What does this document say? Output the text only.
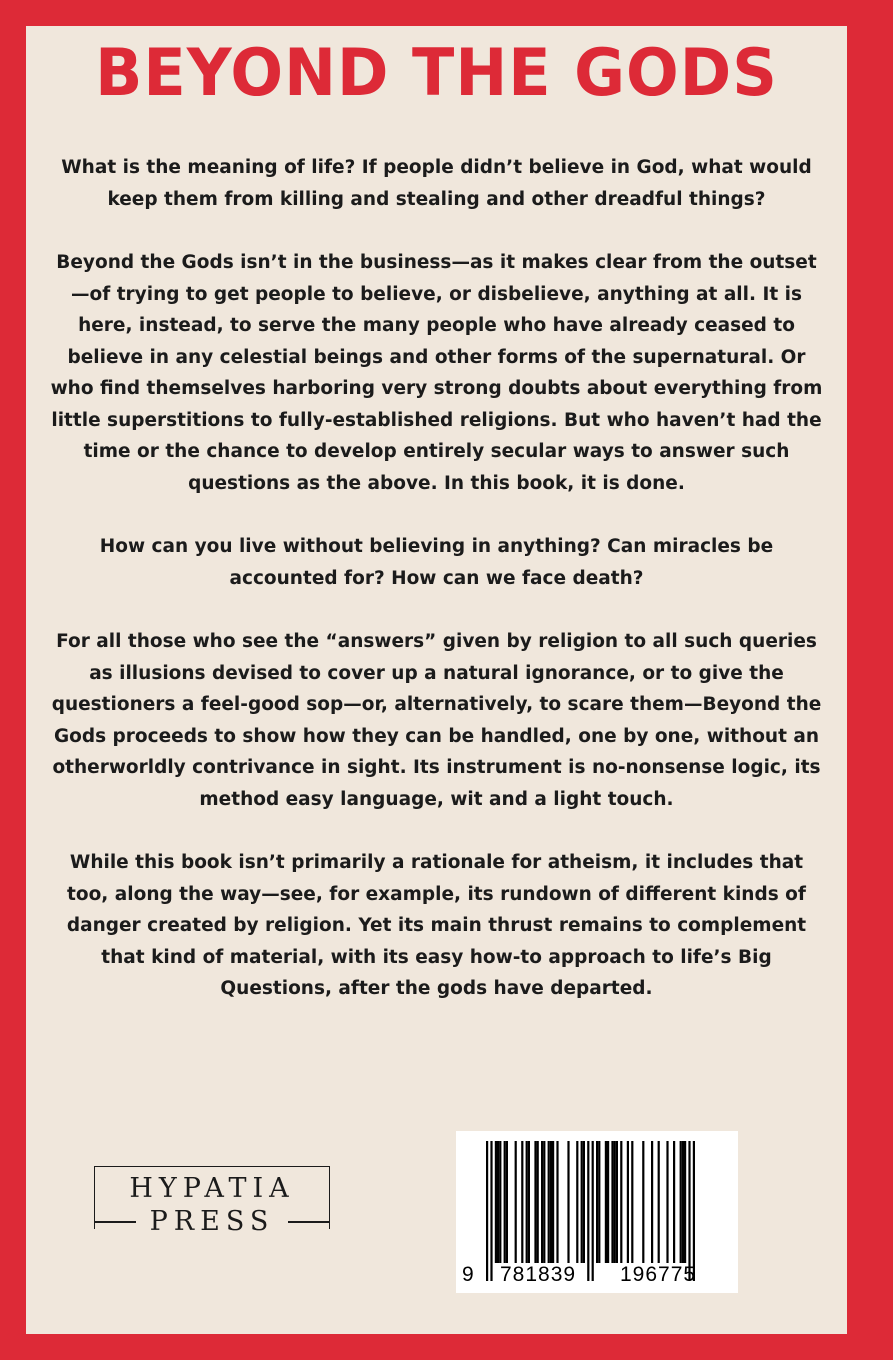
BEYOND THE GODS

What is the meaning of life? If people didn’t believe in God, what would keep them from killing and stealing and other dreadful things?

Beyond the Gods isn’t in the business—as it makes clear from the outset—of trying to get people to believe, or disbelieve, anything at all. It is here, instead, to serve the many people who have already ceased to believe in any celestial beings and other forms of the supernatural. Or who find themselves harboring very strong doubts about everything from little superstitions to fully-established religions. But who haven’t had the time or the chance to develop entirely secular ways to answer such questions as the above. In this book, it is done.

How can you live without believing in anything? Can miracles be accounted for? How can we face death?

For all those who see the “answers” given by religion to all such queries as illusions devised to cover up a natural ignorance, or to give the questioners a feel-good sop—or, alternatively, to scare them—Beyond the Gods proceeds to show how they can be handled, one by one, without an otherworldly contrivance in sight. Its instrument is no-nonsense logic, its method easy language, wit and a light touch.

While this book isn’t primarily a rationale for atheism, it includes that too, along the way—see, for example, its rundown of different kinds of danger created by religion. Yet its main thrust remains to complement that kind of material, with its easy how-to approach to life’s Big Questions, after the gods have departed.

HYPATIA
PRESS
9 781839 196775
